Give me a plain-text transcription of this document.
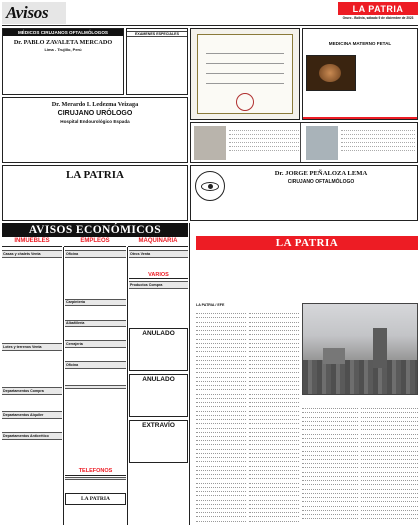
Avisos	LA PATRIA
Oruro - Bolivia, sábado 9 de diciembre de 2023
MÉDICOS CIRUJANOS OFTALMÓLOGOS
Dr. PABLO ZAVALETA MERCADO
Lima - Trujillo, Perú
Dr. Merardo I. Ledezma Veizaga
CIRUJANO URÓLOGO
Hospital Endourológico Espada
EXAMENES ESPECIALES
MEDICINA MATERNO FETAL
LA PATRIA	Dr. JORGE PEÑALOZA LEMA
CIRUJANO OFTALMÓLOGO
AVISOS ECONÓMICOS
INMUEBLES	EMPLEOS	MAQUINARIA
Casas y chalets Venta

Lotes y terrenos Venta

Departamentos Compra

Departamentos Alquiler

Departamentos Anticrético

Oficina

Carpintería

Albañilería

Cerrajería

Oficina

Otros Venta

VARIOS
Productos Compra

ANULADO
ANULADO
EXTRAVÍO
TELÉFONOS

LA PATRIA
LA PATRIA
LA PATRIA / EFE
